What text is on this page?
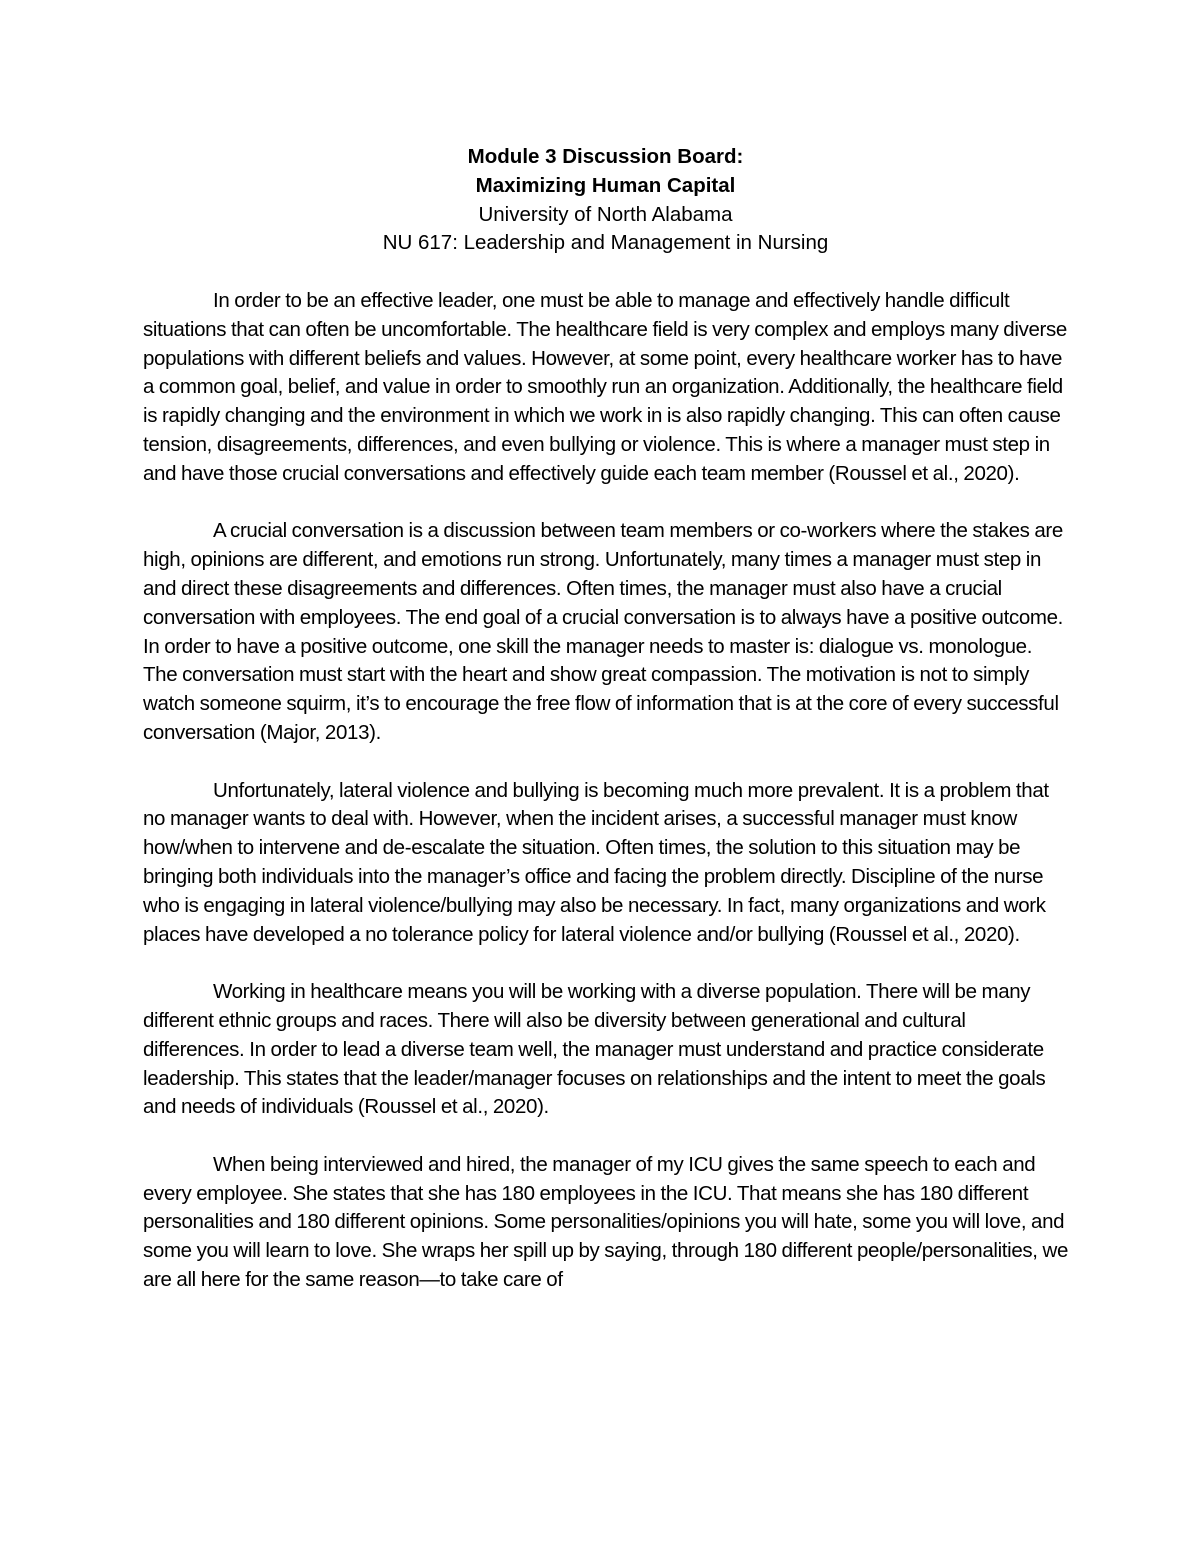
Module 3 Discussion Board:
Maximizing Human Capital
University of North Alabama
NU 617: Leadership and Management in Nursing

In order to be an effective leader, one must be able to manage and effectively handle difficult situations that can often be uncomfortable. The healthcare field is very complex and employs many diverse populations with different beliefs and values. However, at some point, every healthcare worker has to have a common goal, belief, and value in order to smoothly run an organization. Additionally, the healthcare field is rapidly changing and the environment in which we work in is also rapidly changing. This can often cause tension, disagreements, differences, and even bullying or violence. This is where a manager must step in and have those crucial conversations and effectively guide each team member (Roussel et al., 2020).

A crucial conversation is a discussion between team members or co-workers where the stakes are high, opinions are different, and emotions run strong. Unfortunately, many times a manager must step in and direct these disagreements and differences. Often times, the manager must also have a crucial conversation with employees. The end goal of a crucial conversation is to always have a positive outcome. In order to have a positive outcome, one skill the manager needs to master is: dialogue vs. monologue. The conversation must start with the heart and show great compassion. The motivation is not to simply watch someone squirm, it’s to encourage the free flow of information that is at the core of every successful conversation (Major, 2013).

Unfortunately, lateral violence and bullying is becoming much more prevalent. It is a problem that no manager wants to deal with. However, when the incident arises, a successful manager must know how/when to intervene and de-escalate the situation. Often times, the solution to this situation may be bringing both individuals into the manager’s office and facing the problem directly. Discipline of the nurse who is engaging in lateral violence/bullying may also be necessary. In fact, many organizations and work places have developed a no tolerance policy for lateral violence and/or bullying (Roussel et al., 2020).

Working in healthcare means you will be working with a diverse population. There will be many different ethnic groups and races. There will also be diversity between generational and cultural differences. In order to lead a diverse team well, the manager must understand and practice considerate leadership. This states that the leader/manager focuses on relationships and the intent to meet the goals and needs of individuals (Roussel et al., 2020).

When being interviewed and hired, the manager of my ICU gives the same speech to each and every employee. She states that she has 180 employees in the ICU. That means she has 180 different personalities and 180 different opinions. Some personalities/opinions you will hate, some you will love, and some you will learn to love. She wraps her spill up by saying, through 180 different people/personalities, we are all here for the same reason—to take care of
